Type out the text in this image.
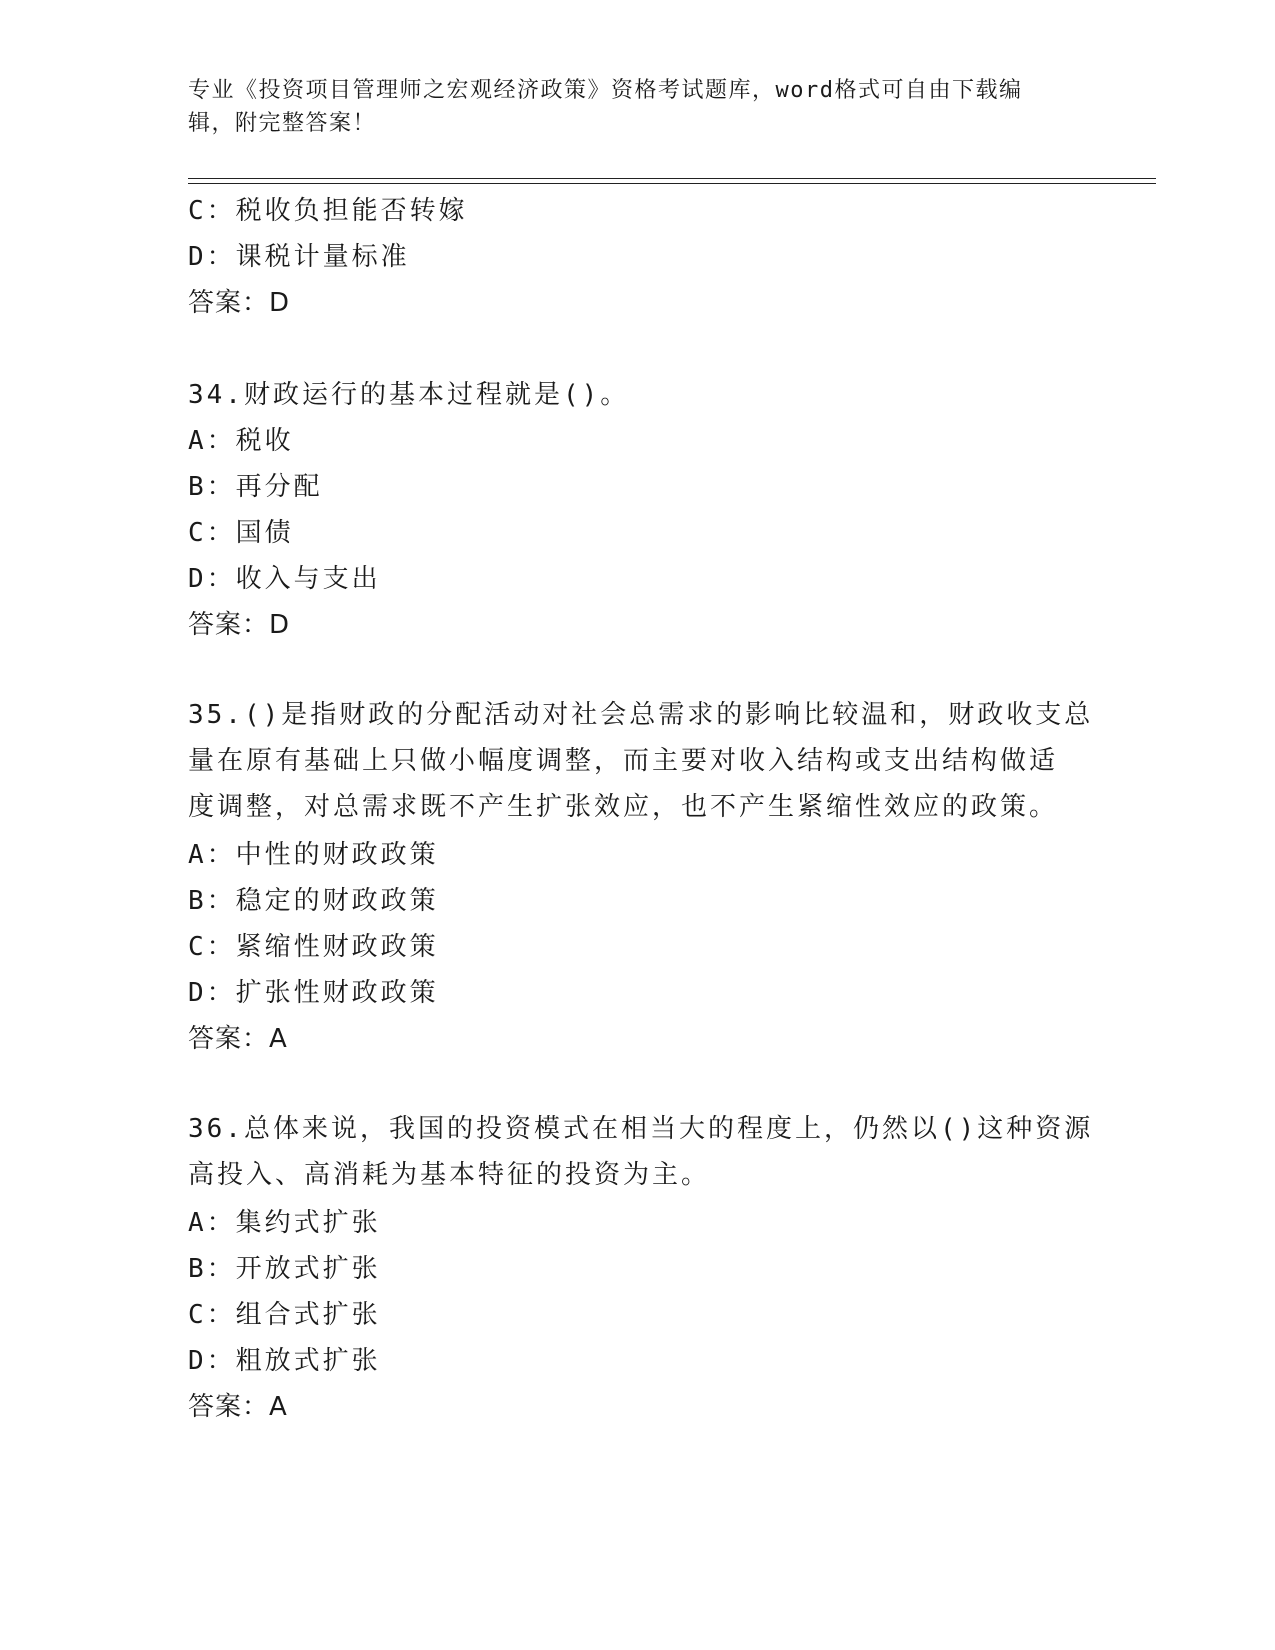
专业《投资项目管理师之宏观经济政策》资格考试题库，word格式可自由下载编
辑，附完整答案！
C：税收负担能否转嫁
D：课税计量标准
答案：D
34.财政运行的基本过程就是()。
A：税收
B：再分配
C：国债
D：收入与支出
答案：D
35.()是指财政的分配活动对社会总需求的影响比较温和，财政收支总
量在原有基础上只做小幅度调整，而主要对收入结构或支出结构做适
度调整，对总需求既不产生扩张效应，也不产生紧缩性效应的政策。
A：中性的财政政策
B：稳定的财政政策
C：紧缩性财政政策
D：扩张性财政政策
答案：A
36.总体来说，我国的投资模式在相当大的程度上，仍然以()这种资源
高投入、高消耗为基本特征的投资为主。
A：集约式扩张
B：开放式扩张
C：组合式扩张
D：粗放式扩张
答案：A
